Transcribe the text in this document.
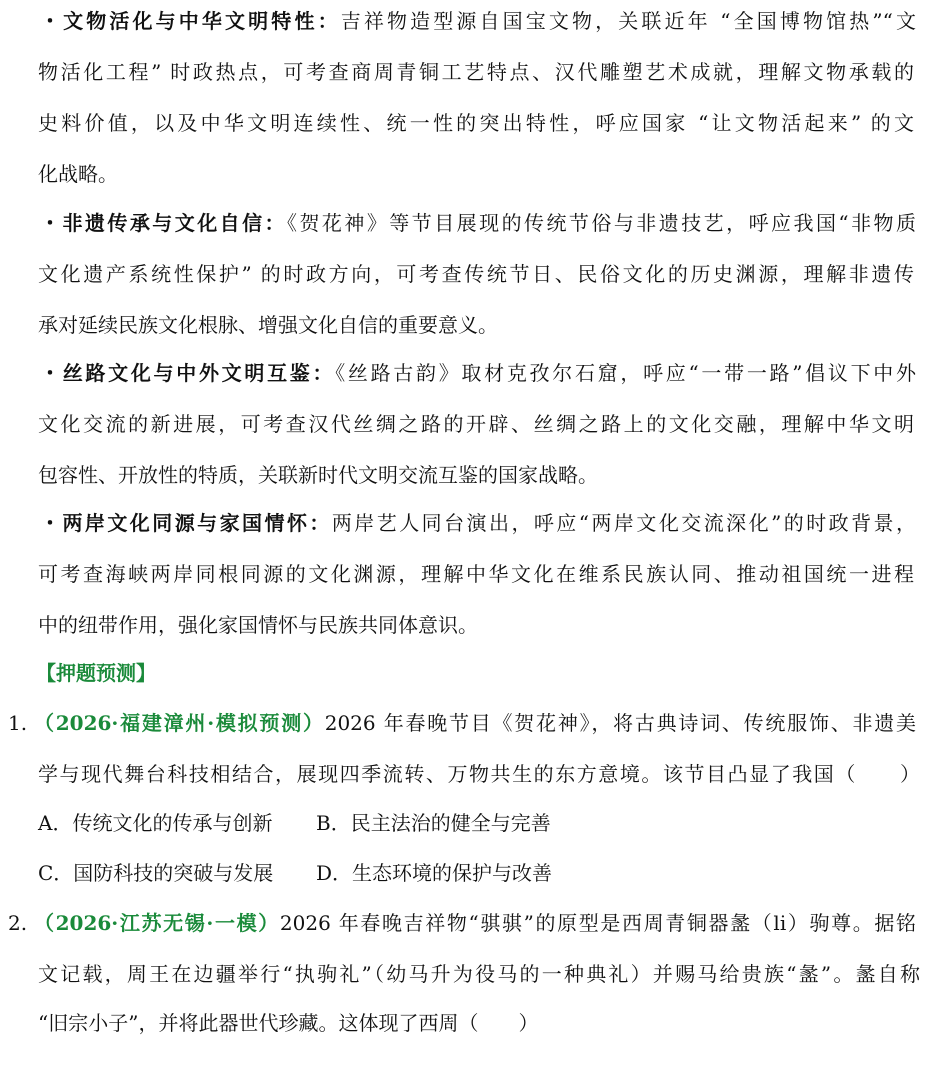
・文物活化与中华文明特性：吉祥物造型源自国宝文物，关联近年 “全国博物馆热”“文
物活化工程” 时政热点，可考查商周青铜工艺特点、汉代雕塑艺术成就，理解文物承载的
史料价值，以及中华文明连续性、统一性的突出特性，呼应国家 “让文物活起来” 的文
化战略。
・非遗传承与文化自信：《贺花神》等节目展现的传统节俗与非遗技艺，呼应我国“非物质
文化遗产系统性保护” 的时政方向，可考查传统节日、民俗文化的历史渊源，理解非遗传
承对延续民族文化根脉、增强文化自信的重要意义。
・丝路文化与中外文明互鉴：《丝路古韵》取材克孜尔石窟，呼应“一带一路”倡议下中外
文化交流的新进展，可考查汉代丝绸之路的开辟、丝绸之路上的文化交融，理解中华文明
包容性、开放性的特质，关联新时代文明交流互鉴的国家战略。
・两岸文化同源与家国情怀：两岸艺人同台演出，呼应“两岸文化交流深化”的时政背景，
可考查海峡两岸同根同源的文化渊源，理解中华文化在维系民族认同、推动祖国统一进程
中的纽带作用，强化家国情怀与民族共同体意识。
【押题预测】
1. （2026·福建漳州·模拟预测）2026 年春晚节目《贺花神》，将古典诗词、传统服饰、非遗美
学与现代舞台科技相结合，展现四季流转、万物共生的东方意境。该节目凸显了我国（　　）
A．传统文化的传承与创新 B．民主法治的健全与完善
C．国防科技的突破与发展 D．生态环境的保护与改善
2. （2026·江苏无锡·一模）2026 年春晚吉祥物“骐骐”的原型是西周青铜器盠（li）驹尊。据铭
文记载，周王在边疆举行“执驹礼”（幼马升为役马的一种典礼）并赐马给贵族“盠”。盠自称
“旧宗小子”，并将此器世代珍藏。这体现了西周（　　）
